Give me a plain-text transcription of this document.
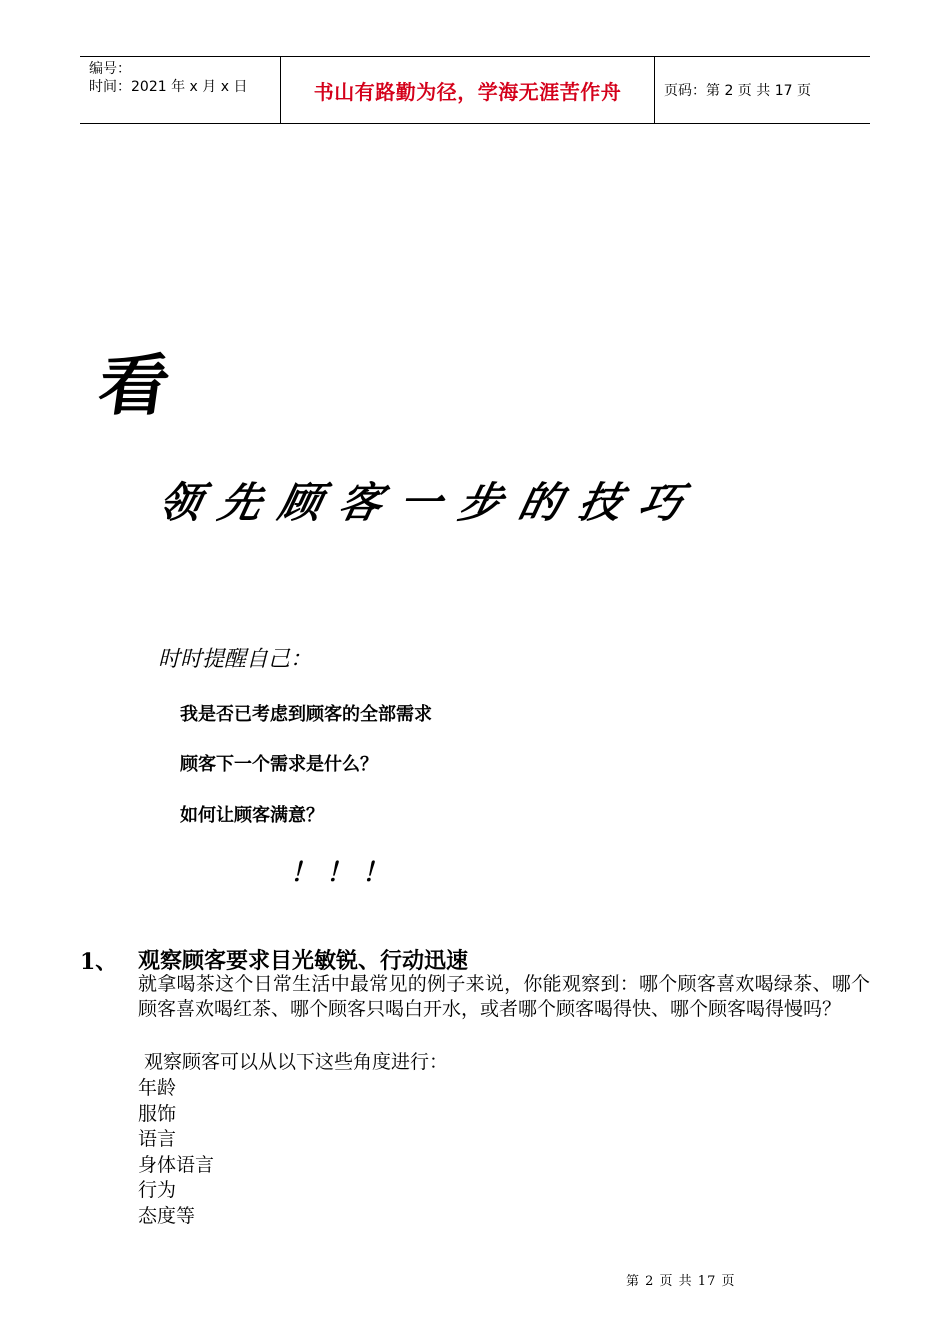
编号：
时间：2021 年 x 月 x 日	书山有路勤为径，学海无涯苦作舟	页码：第 2 页 共 17 页
看
领先顾客一步的技巧
时时提醒自己：
我是否已考虑到顾客的全部需求
顾客下一个需求是什么？
如何让顾客满意？
！！！
1、 观察顾客要求目光敏锐、行动迅速
就拿喝茶这个日常生活中最常见的例子来说，你能观察到：哪个顾客喜欢喝绿茶、哪个顾客喜欢喝红茶、哪个顾客只喝白开水，或者哪个顾客喝得快、哪个顾客喝得慢吗？
观察顾客可以从以下这些角度进行：
年龄
服饰
语言
身体语言
行为
态度等
第 2 页 共 17 页
